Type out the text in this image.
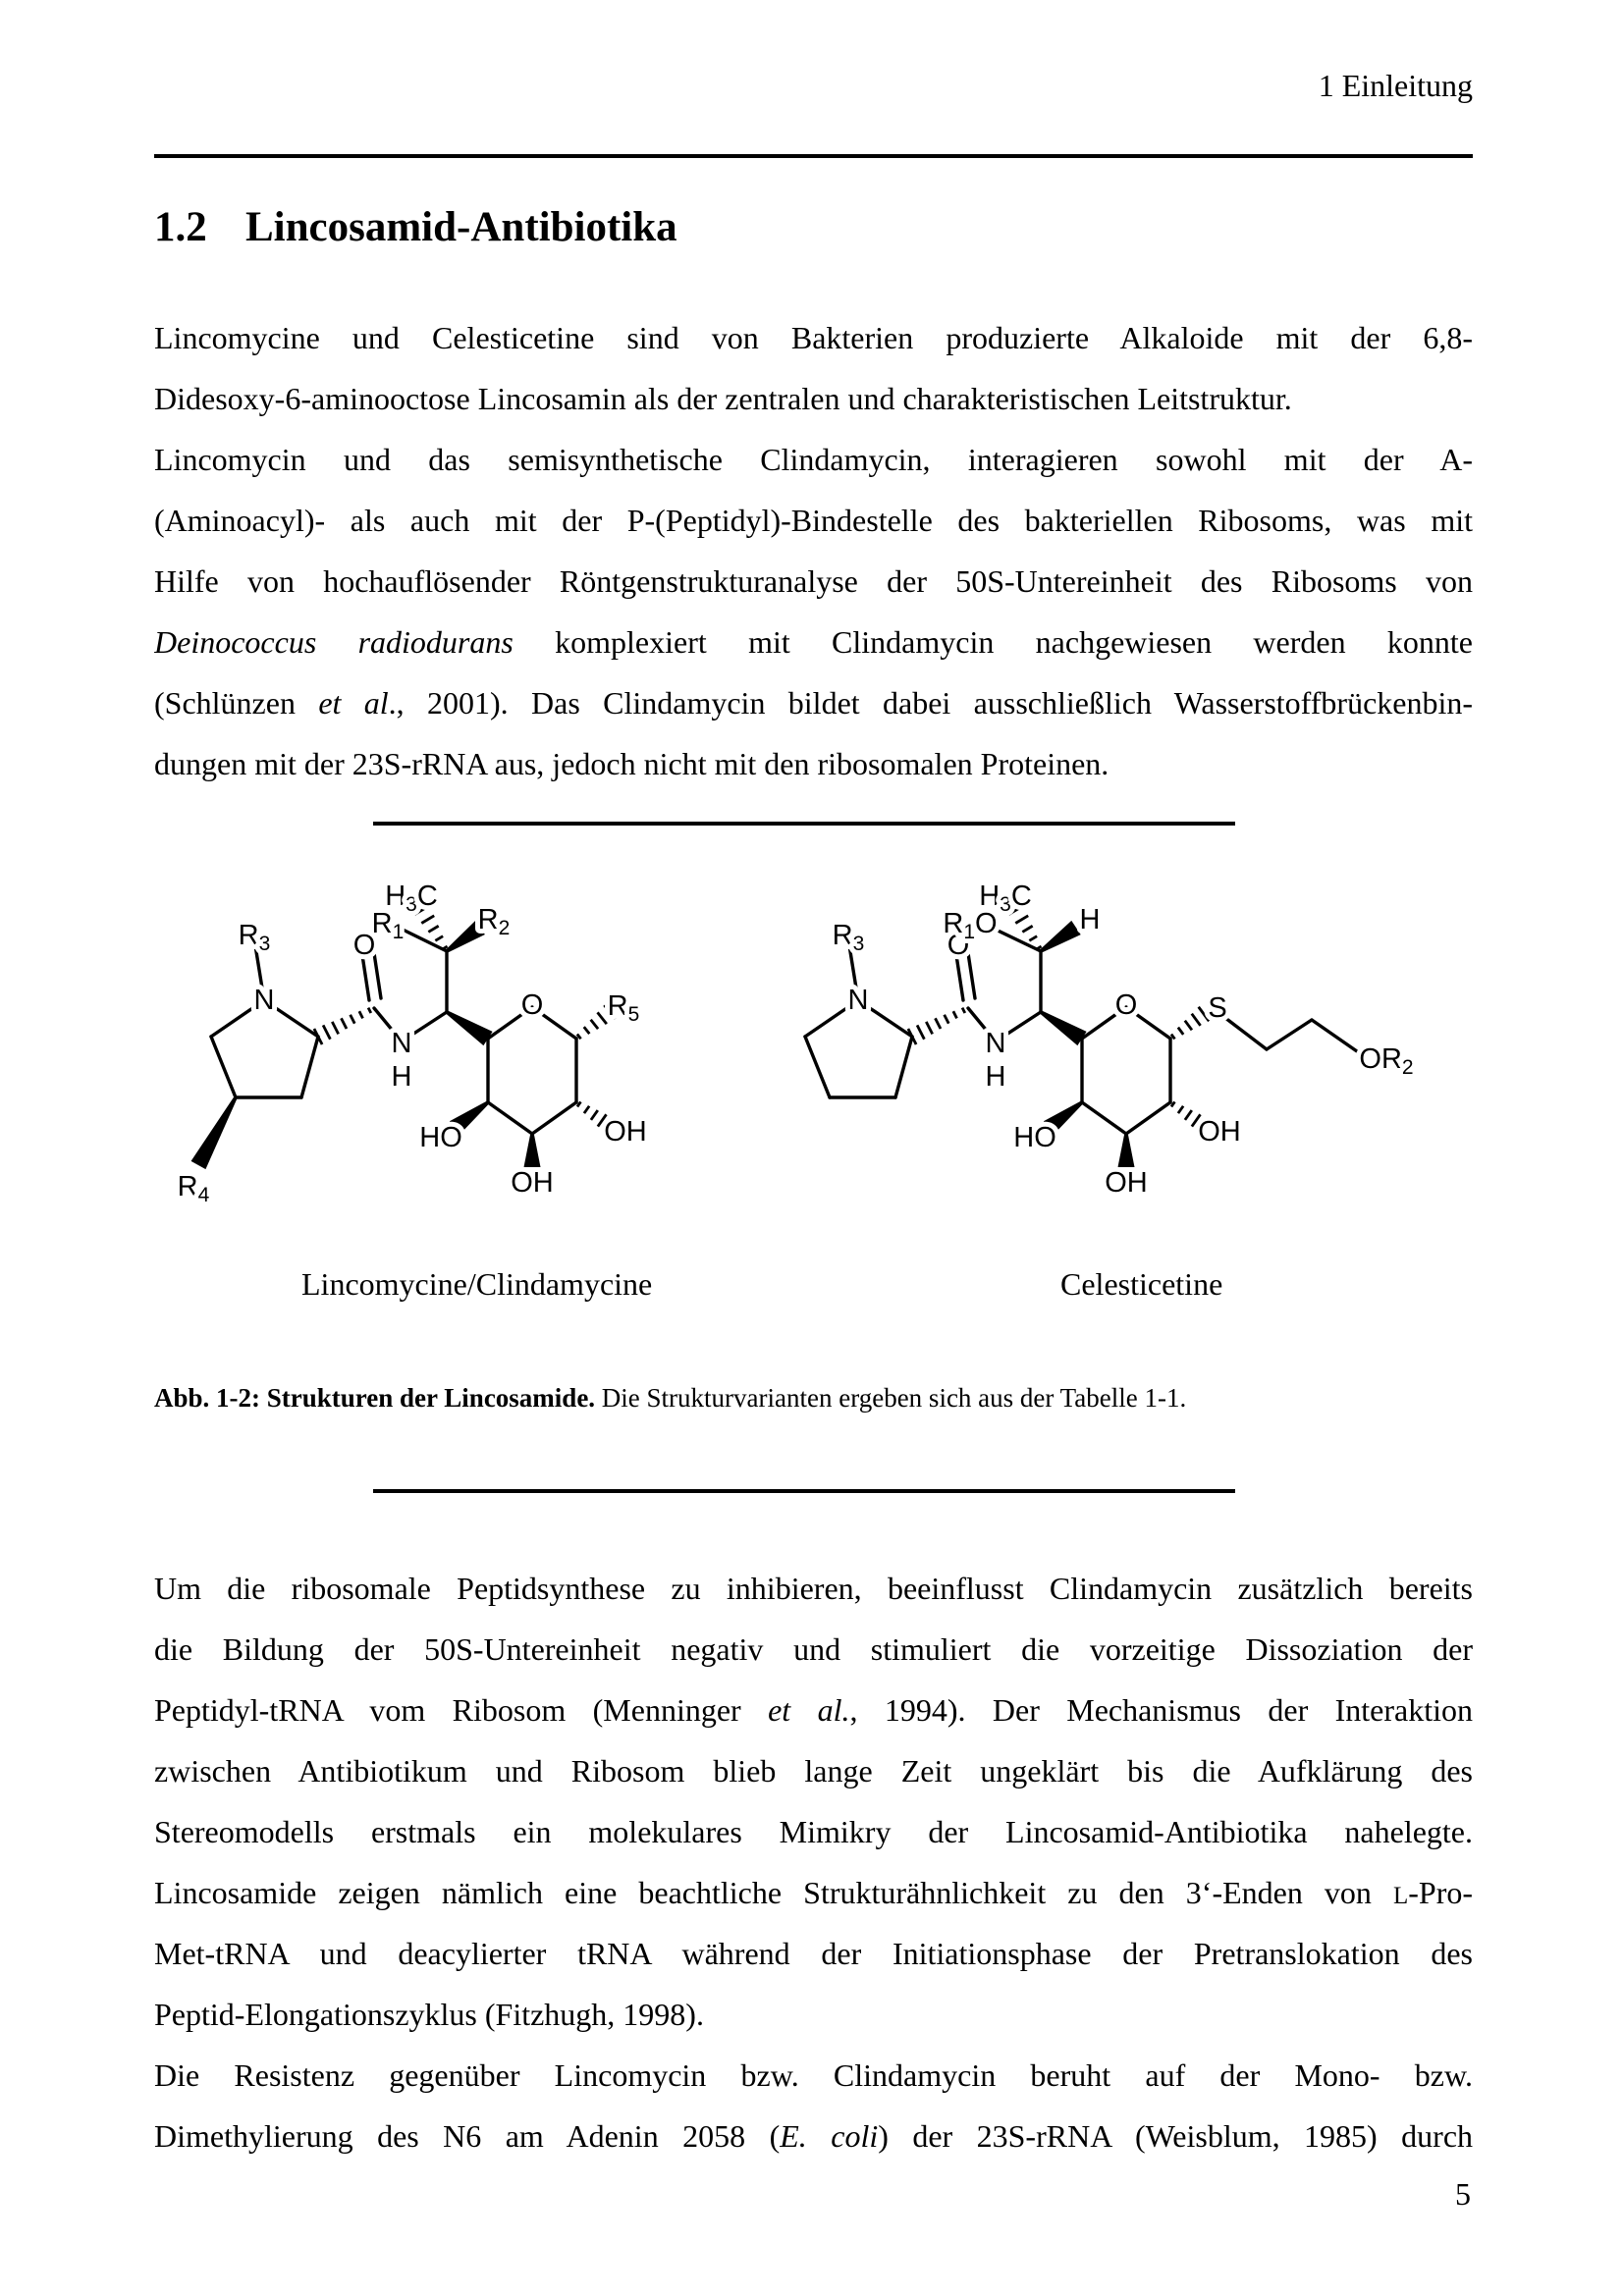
1 Einleitung
1.2 Lincosamid-Antibiotika
Lincomycine und Celesticetine sind von Bakterien produzierte Alkaloide mit der 6,8-
Didesoxy-6-aminooctose Lincosamin als der zentralen und charakteristischen Leitstruktur.
Lincomycin und das semisynthetische Clindamycin, interagieren sowohl mit der A-
(Aminoacyl)- als auch mit der P-(Peptidyl)-Bindestelle des bakteriellen Ribosoms, was mit
Hilfe von hochauflösender Röntgenstrukturanalyse der 50S-Untereinheit des Ribosoms von
Deinococcus radiodurans komplexiert mit Clindamycin nachgewiesen werden konnte
(Schlünzen et al., 2001). Das Clindamycin bildet dabei ausschließlich Wasserstoffbrückenbin-
dungen mit der 23S-rRNA aus, jedoch nicht mit den ribosomalen Proteinen.
$R_3$
N
$R_4$
O
N
H
$H_3C$
$R_1$	$R_2$
O $R_5$
HO
OH
OH
$R_3$
N
O
N
H
$H_3C$
$R_1O$	H
O S
$OR_2$
HO
OH
OH
Lincomycine/Clindamycine	Celesticetine
Abb. 1-2: Strukturen der Lincosamide. Die Strukturvarianten ergeben sich aus der Tabelle 1-1.
Um die ribosomale Peptidsynthese zu inhibieren, beeinflusst Clindamycin zusätzlich bereits
die Bildung der 50S-Untereinheit negativ und stimuliert die vorzeitige Dissoziation der
Peptidyl-tRNA vom Ribosom (Menninger et al., 1994). Der Mechanismus der Interaktion
zwischen Antibiotikum und Ribosom blieb lange Zeit ungeklärt bis die Aufklärung des
Stereomodells erstmals ein molekulares Mimikry der Lincosamid-Antibiotika nahelegte.
Lincosamide zeigen nämlich eine beachtliche Strukturähnlichkeit zu den 3‘-Enden von L-Pro-
Met-tRNA und deacylierter tRNA während der Initiationsphase der Pretranslokation des
Peptid-Elongationszyklus (Fitzhugh, 1998).
Die Resistenz gegenüber Lincomycin bzw. Clindamycin beruht auf der Mono- bzw.
Dimethylierung des N6 am Adenin 2058 (E. coli) der 23S-rRNA (Weisblum, 1985) durch
5
